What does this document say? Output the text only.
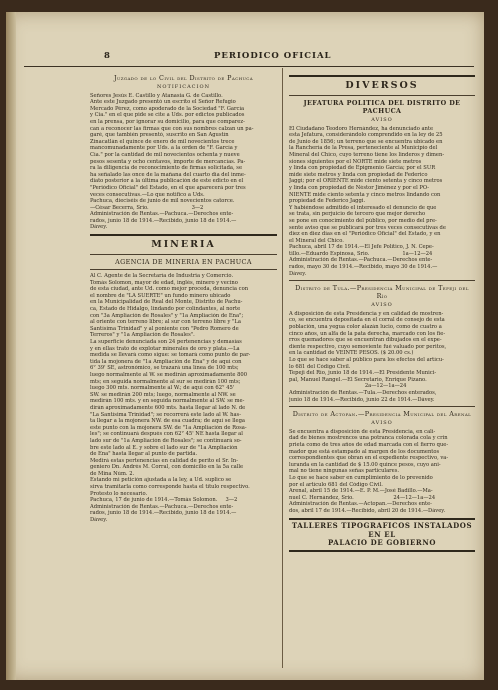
8	PERIODICO OFICIAL
Juzgado de lo Civil del Distrito de Pachuca
NOTIFICACION
Señores Jesús E. Castillo y Atanasia G. de Castillo.
Ante este Juzgado presentó un escrito el Señor Refugio
Mercado Pérez, como apoderado de la Sociedad "F. García
y Cia." en el que pide se cite a Uds. por edictos publicados
en la prensa, por ignorar su domicilio, para que comparez-
can a reconocer las firmas que con sus nombres calzan un pa-
garé, que también presentó, suscrito en San Agustín
Zinacatlán el quince de enero de mil novecientos trece
mancomunadamente por Uds. a la orden de "F. García y
Cía." por la cantidad de mil novecientos ochenta y nueve
pesos sesenta y ocho centavos, importe de mercancías. Pa-
ra la diligencia de reconocimiento de firmas solicitada, se
ha señalado las once de la mañana del cuarto día del inme-
diato posterior a la última publicación de este edicto en el
"Periódico Oficial" del Estado, en el que aparecerá por tres
veces consecutivas.—Lo que notifico a Uds.
Pachuca, dieciséis de junio de mil novecientos catorce.
—César Becerra, Srio.                          3—2
Administración de Rentas.—Pachuca.—Derechos ente-
rados, junio 18 de 1914.—Recibido, junio 18 de 1914.—
Dávey.
MINERIA
AGENCIA DE MINERIA EN PACHUCA
Al C. Agente de la Secretaría de Industria y Comercio.
Tomás Solomon, mayor de edad, inglés, minero y vecino
de esta ciudad, ante Ud. como mejor proceda, denuncia con
el nombre de "LA SUERTE" un fundo minero ubicado
en la Municipalidad de Real del Monte, Distrito de Pachu-
ca, Estado de Hidalgo, lindando por colindantes, al norte
con "3a Ampliación de Rosales" y "1a Ampliación de Ena";
al oriente con terreno libre; al sur con terreno libre y "La
Santísima Trinidad" y al poniente con "Pedro Romero de
Terreros" y "1a Ampliación de Rosales".
La superficie denunciada son 24 pertenencias y demasías
y en ellas trato de explotar minerales de oro y plata.—La
medida se llevará como sigue: se tomará como punto de par-
tida la mojonera de "1a Ampliación de Ena" y de aquí con
6° 39' SE, astronómico, se trazará una línea de 100 mts;
luego normalmente al W. se medirán aproximadamente 800
mts; en seguida normalmente al sur se medirán 100 mts;
luego 300 mts. normalmente al W.; de aquí con 62° 45'
SW. se medirán 200 mts; luego, normalmente al NW. se
medirán 100 mts. y en seguida normalmente al SW. se me-
dirán aproximadamente 600 mts. hasta llegar al lado N. de
"La Santísima Trinidad"; se recorrerá este lado al W. has-
ta llegar a la mojonera NW. de esa cuadra; de aquí se llega
este punto con la mojonera SW. de "1a Ampliación de Rosa-
les"; se continuará después con 62° 45' NE hasta llegar al
lado sur de "1a Ampliación de Rosales"; se continuará so-
bre este lado al E. y sobre el lado sur de "1a Ampliación
de Ena" hasta llegar al punto de partida.
Medirá estas pertenencias en calidad de perito el Sr. In-
geniero Dn. Andrés M. Corral, con domicilio en la 5a calle
de Mina Núm. 2.
Estando mi petición ajustada a la ley, a Ud. suplico se
sirva tramitarla como corresponde hasta el título respectivo.
Protesto lo necesario.
Pachuca, 17 de junio de 1914.—Tomás Solomon.     3—2
Administración de Rentas.—Pachuca.—Derechos ente-
rados, junio 18 de 1914.—Recibido, junio 18 de 1914.—
Dávey.
DIVERSOS
JEFATURA POLITICA DEL DISTRITO DE PACHUCA
AVISO
El Ciudadano Teodoro Hernández, ha denunciado ante
esta Jefatura, considerándolo comprendido en la ley de 25
de Junio de 1856; un terreno que se encuentra ubicado en
la Ranchería de la Presa, perteneciente al Municipio del
Mineral del Chico, cuyo terreno tiene los linderos y dimen-
siones siguientes por el NORTE mide siete metros
y linda con propiedad de Epigmenio García; por el SUR
mide siete metros y linda con propiedad de Federico
Jaggi; por el ORIENTE mide ciento setenta y cinco metros
y linda con propiedad de Néstor Jiménez y por el PO-
NIENTE mide ciento setenta y cinco metros lindando con
propiedad de Federico Jaggi.
Y habiéndose admitido el interesado el denuncio de que
se trata, sin perjuicio de tercero que mejor derecho
se pone en conocimiento del público, por medio del pre-
sente aviso que se publicará por tres veces consecutivas de
diez en diez días en el "Periódico Oficial" del Estado, y en
el Mineral del Chico.
Pachuca, abril 17 de 1914.—El Jefe Político, J. N. Cepe-
tillo.—Eduardo Espinosa, Srio.                    1a—12—24
Administración de Rentas.—Pachuca.—Derechos ente-
rados, mayo 30 de 1914.—Recibido, mayo 30 de 1914.—
Dávey.
Distrito de Tula.—Presidencia Municipal de Tepeji del Río
AVISO
A disposición de esta Presidencia y en calidad de mostren-
co, se encuentra depositada en el corral de consejo de esta
población, una yegua color alazán lucio, como de cuatro a
cinco años, un alfa de la pata derecha, marcado con los fie-
rros quemadores que se encuentran dibujados en el expe-
diente respectivo, cuyo semoviente fué valuado por peritos,
en la cantidad de VEINTE PESOS. ($ 20.00 cs.)
Lo que se hace saber al público para los efectos del artícu-
lo 681 del Código Civil.
Tepeji del Río, junio 18 de 1914.—El Presidente Munici-
pal, Manuel Rangel.—El Secretario, Enrique Pizano.
2a—12—1a—24
Administración de Rentas.—Tula.—Derechos enterados,
junio 18 de 1914.—Recibido, junio 22 de 1914.—Dávey.
Distrito de Actopan.—Presidencia Municipal del Arenal
AVISO
Se encuentra a disposición de esta Presidencia, en cali-
dad de bienes mostrencos una potranca colorada cola y crin
prieta como de tres años de edad marcada con el fierro que-
mador que está estampado al margen de los documentos
correspondientes que obran en el expediente respectivo, va-
luranda en la cantidad de $ 15.00 quince pesos, cuyo ani-
mal no tiene ningunas señas particulares.
Lo que se hace saber en cumplimiento de lo prevenido
por el artículo 681 del Código Civil.
Arenal, abril 15 de 1914.—E. P. M.—José Badillo.—Ma-
nuel C. Hernández, Srio.                        24—12—1a—24
Administración de Rentas.—Actopan.—Derechos ente-
dos, abril 17 de 1914.—Recibido, abril 20 de 1914.—Dávey.
TALLERES TIPOGRAFICOS INSTALADOS
EN EL
PALACIO DE GOBIERNO
